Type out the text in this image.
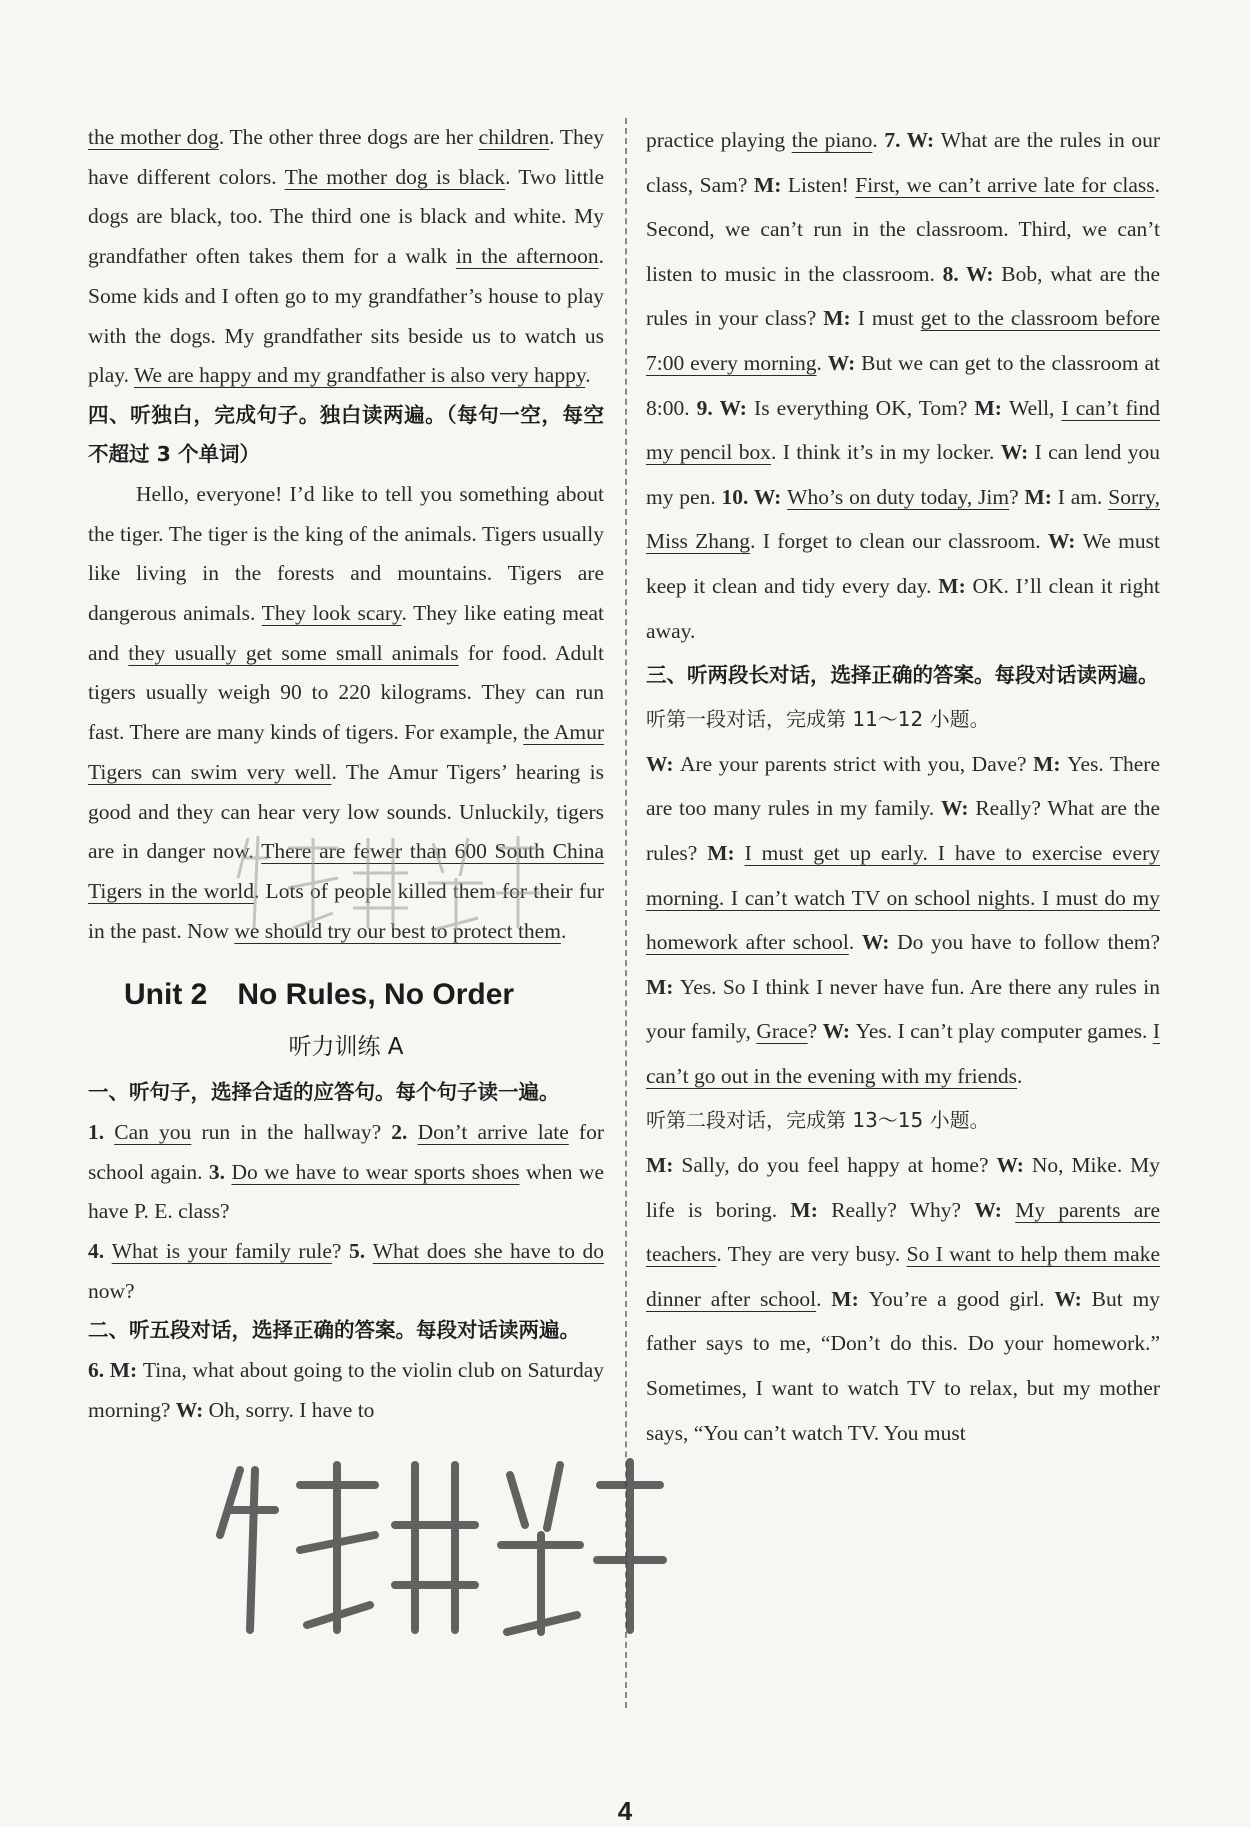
the mother dog. The other three dogs are her children. They have different colors. The mother dog is black. Two little dogs are black, too. The third one is black and white. My grandfather often takes them for a walk in the afternoon. Some kids and I often go to my grandfather’s house to play with the dogs. My grandfather sits beside us to watch us play. We are happy and my grandfather is also very happy.

四、听独白，完成句子。独白读两遍。（每句一空，每空不超过 3 个单词）

Hello, everyone! I’d like to tell you something about the tiger. The tiger is the king of the animals. Tigers usually like living in the forests and mountains. Tigers are dangerous animals. They look scary. They like eating meat and they usually get some small animals for food. Adult tigers usually weigh 90 to 220 kilograms. They can run fast. There are many kinds of tigers. For example, the Amur Tigers can swim very well. The Amur Tigers’ hearing is good and they can hear very low sounds. Unluckily, tigers are in danger now. There are fewer than 600 South China Tigers in the world. Lots of people killed them for their fur in the past. Now we should try our best to protect them.

Unit 2 No Rules, No Order
听力训练 A

一、听句子，选择合适的应答句。每个句子读一遍。

1. Can you run in the hallway? 2. Don’t arrive late for school again. 3. Do we have to wear sports shoes when we have P. E. class?

4. What is your family rule? 5. What does she have to do now?

二、听五段对话，选择正确的答案。每段对话读两遍。

6. M: Tina, what about going to the violin club on Saturday morning? W: Oh, sorry. I have to

practice playing the piano. 7. W: What are the rules in our class, Sam? M: Listen! First, we can’t arrive late for class. Second, we can’t run in the classroom. Third, we can’t listen to music in the classroom. 8. W: Bob, what are the rules in your class? M: I must get to the classroom before 7:00 every morning. W: But we can get to the classroom at 8:00. 9. W: Is everything OK, Tom? M: Well, I can’t find my pencil box. I think it’s in my locker. W: I can lend you my pen. 10. W: Who’s on duty today, Jim? M: I am. Sorry, Miss Zhang. I forget to clean our classroom. W: We must keep it clean and tidy every day. M: OK. I’ll clean it right away.

三、听两段长对话，选择正确的答案。每段对话读两遍。

听第一段对话，完成第 11～12 小题。

W: Are your parents strict with you, Dave? M: Yes. There are too many rules in my family. W: Really? What are the rules? M: I must get up early. I have to exercise every morning. I can’t watch TV on school nights. I must do my homework after school. W: Do you have to follow them? M: Yes. So I think I never have fun. Are there any rules in your family, Grace? W: Yes. I can’t play computer games. I can’t go out in the evening with my friends.

听第二段对话，完成第 13～15 小题。

M: Sally, do you feel happy at home? W: No, Mike. My life is boring. M: Really? Why? W: My parents are teachers. They are very busy. So I want to help them make dinner after school. M: You’re a good girl. W: But my father says to me, “Don’t do this. Do your homework.” Sometimes, I want to watch TV to relax, but my mother says, “You can’t watch TV. You must

4
